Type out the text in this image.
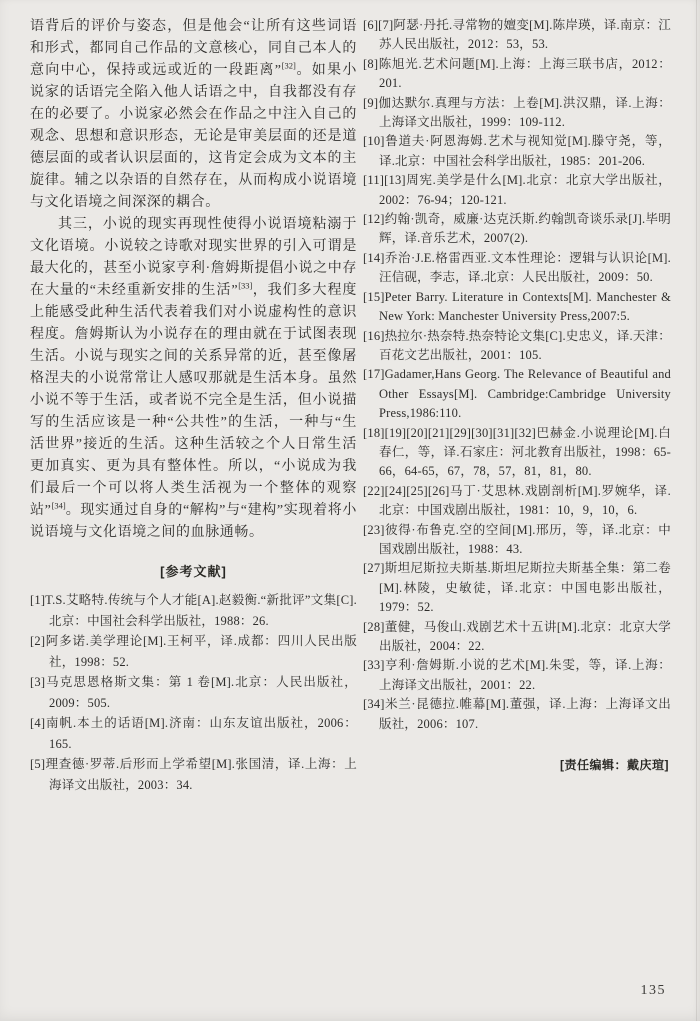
语背后的评价与姿态，但是他会“让所有这些词语和形式，都同自己作品的文意核心，同自己本人的意向中心，保持或远或近的一段距离”[32]。如果小说家的话语完全陷入他人话语之中，自我都没有存在的必要了。小说家必然会在作品之中注入自己的观念、思想和意识形态，无论是审美层面的还是道德层面的或者认识层面的，这肯定会成为文本的主旋律。辅之以杂语的自然存在，从而构成小说语境与文化语境之间深深的耦合。

其三，小说的现实再现性使得小说语境粘溺于文化语境。小说较之诗歌对现实世界的引入可谓是最大化的，甚至小说家亨利·詹姆斯提倡小说之中存在大量的“未经重新安排的生活”[33]，我们多大程度上能感受此种生活代表着我们对小说虚构性的意识程度。詹姆斯认为小说存在的理由就在于试图表现生活。小说与现实之间的关系异常的近，甚至像屠格涅夫的小说常常让人感叹那就是生活本身。虽然小说不等于生活，或者说不完全是生活，但小说描写的生活应该是一种“公共性”的生活，一种与“生活世界”接近的生活。这种生活较之个人日常生活更加真实、更为具有整体性。所以，“小说成为我们最后一个可以将人类生活视为一个整体的观察站”[34]。现实通过自身的“解构”与“建构”实现着将小说语境与文化语境之间的血脉通畅。

[参考文献]

[1]T.S.艾略特.传统与个人才能[A].赵毅衡.“新批评”文集[C].北京：中国社会科学出版社，1988：26.

[2]阿多诺.美学理论[M].王柯平，译.成都：四川人民出版社，1998：52.

[3]马克思恩格斯文集：第 1 卷[M].北京：人民出版社，2009：505.

[4]南帆.本土的话语[M].济南：山东友谊出版社，2006：165.

[5]理查德·罗蒂.后形而上学希望[M].张国清，译.上海：上海译文出版社，2003：34.

[6][7]阿瑟·丹托.寻常物的嬗变[M].陈岸瑛，译.南京：江苏人民出版社，2012：53，53.

[8]陈旭光.艺术问题[M].上海：上海三联书店，2012：201.

[9]伽达默尔.真理与方法：上卷[M].洪汉鼎，译.上海：上海译文出版社，1999：109-112.

[10]鲁道夫·阿恩海姆.艺术与视知觉[M].滕守尧，等，译.北京：中国社会科学出版社，1985：201-206.

[11][13]周宪.美学是什么[M].北京：北京大学出版社，2002：76-94；120-121.

[12]约翰·凯奇，威廉·达克沃斯.约翰凯奇谈乐录[J].毕明辉，译.音乐艺术，2007(2).

[14]乔治·J.E.格雷西亚.文本性理论：逻辑与认识论[M].汪信砚，李志，译.北京：人民出版社，2009：50.

[15]Peter Barry. Literature in Contexts[M]. Manchester & New York: Manchester University Press,2007:5.

[16]热拉尔·热奈特.热奈特论文集[C].史忠义，译.天津：百花文艺出版社，2001：105.

[17]Gadamer,Hans Georg. The Relevance of Beautiful and Other Essays[M]. Cambridge:Cambridge University Press,1986:110.

[18][19][20][21][29][30][31][32]巴赫金.小说理论[M].白春仁，等，译.石家庄：河北教育出版社，1998：65-66，64-65，67，78，57，81，81，80.

[22][24][25][26]马丁·艾思林.戏剧剖析[M].罗婉华，译.北京：中国戏剧出版社，1981：10，9，10，6.

[23]彼得·布鲁克.空的空间[M].邢历，等，译.北京：中国戏剧出版社，1988：43.

[27]斯坦尼斯拉夫斯基.斯坦尼斯拉夫斯基全集：第二卷[M].林陵，史敏徒，译.北京：中国电影出版社，1979：52.

[28]董健，马俊山.戏剧艺术十五讲[M].北京：北京大学出版社，2004：22.

[33]亨利·詹姆斯.小说的艺术[M].朱雯，等，译.上海：上海译文出版社，2001：22.

[34]米兰·昆德拉.帷幕[M].董强，译.上海：上海译文出版社，2006：107.

[责任编辑：戴庆瑄]

135
